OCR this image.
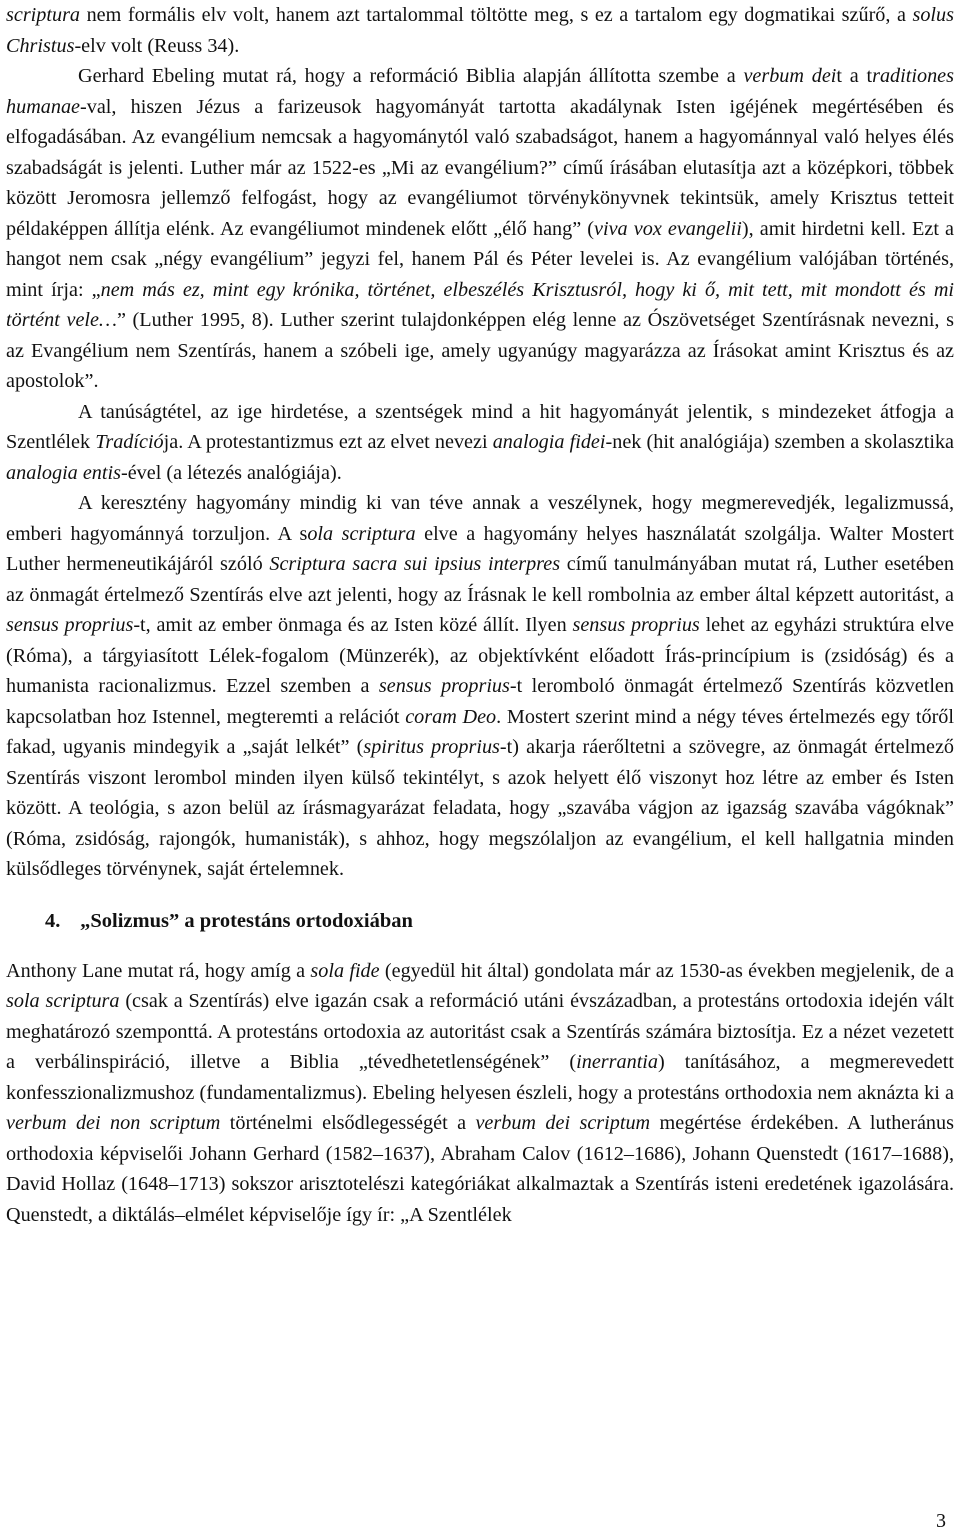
scriptura nem formális elv volt, hanem azt tartalommal töltötte meg, s ez a tartalom egy dogmatikai szűrő, a solus Christus-elv volt (Reuss 34).

Gerhard Ebeling mutat rá, hogy a reformáció Biblia alapján állította szembe a verbum deit a traditiones humanae-val, hiszen Jézus a farizeusok hagyományát tartotta akadálynak Isten igéjének megértésében és elfogadásában. Az evangélium nemcsak a hagyománytól való szabadságot, hanem a hagyománnyal való helyes élés szabadságát is jelenti. Luther már az 1522-es „Mi az evangélium?” című írásában elutasítja azt a középkori, többek között Jeromosra jellemző felfogást, hogy az evangéliumot törvénykönyvnek tekintsük, amely Krisztus tetteit példaképpen állítja elénk. Az evangéliumot mindenek előtt „élő hang” (viva vox evangelii), amit hirdetni kell. Ezt a hangot nem csak „négy evangélium” jegyzi fel, hanem Pál és Péter levelei is. Az evangélium valójában történés, mint írja: „nem más ez, mint egy krónika, történet, elbeszélés Krisztusról, hogy ki ő, mit tett, mit mondott és mi történt vele…” (Luther 1995, 8). Luther szerint tulajdonképpen elég lenne az Ószövetséget Szentírásnak nevezni, s az Evangélium nem Szentírás, hanem a szóbeli ige, amely ugyanúgy magyarázza az Írásokat amint Krisztus és az apostolok”.

A tanúságtétel, az ige hirdetése, a szentségek mind a hit hagyományát jelentik, s mindezeket átfogja a Szentlélek Tradíciója. A protestantizmus ezt az elvet nevezi analogia fidei-nek (hit analógiája) szemben a skolasztika analogia entis-ével (a létezés analógiája).

A keresztény hagyomány mindig ki van téve annak a veszélynek, hogy megmerevedjék, legalizmussá, emberi hagyománnyá torzuljon. A sola scriptura elve a hagyomány helyes használatát szolgálja. Walter Mostert Luther hermeneutikájáról szóló Scriptura sacra sui ipsius interpres című tanulmányában mutat rá, Luther esetében az önmagát értelmező Szentírás elve azt jelenti, hogy az Írásnak le kell rombolnia az ember által képzett autoritást, a sensus proprius-t, amit az ember önmaga és az Isten közé állít. Ilyen sensus proprius lehet az egyházi struktúra elve (Róma), a tárgyiasított Lélek-fogalom (Münzerék), az objektívként előadott Írás-princípium is (zsidóság) és a humanista racionalizmus. Ezzel szemben a sensus proprius-t leromboló önmagát értelmező Szentírás közvetlen kapcsolatban hoz Istennel, megteremti a relációt coram Deo. Mostert szerint mind a négy téves értelmezés egy tőről fakad, ugyanis mindegyik a „saját lelkét” (spiritus proprius-t) akarja ráerőltetni a szövegre, az önmagát értelmező Szentírás viszont lerombol minden ilyen külső tekintélyt, s azok helyett élő viszonyt hoz létre az ember és Isten között. A teológia, s azon belül az írásmagyarázat feladata, hogy „szavába vágjon az igazság szavába vágóknak” (Róma, zsidóság, rajongók, humanisták), s ahhoz, hogy megszólaljon az evangélium, el kell hallgatnia minden külsődleges törvénynek, saját értelemnek.

4. „Solizmus” a protestáns ortodoxiában

Anthony Lane mutat rá, hogy amíg a sola fide (egyedül hit által) gondolata már az 1530-as években megjelenik, de a sola scriptura (csak a Szentírás) elve igazán csak a reformáció utáni évszázadban, a protestáns ortodoxia idején vált meghatározó szemponttá. A protestáns ortodoxia az autoritást csak a Szentírás számára biztosítja. Ez a nézet vezetett a verbálinspiráció, illetve a Biblia „tévedhetetlenségének” (inerrantia) tanításához, a megmerevedett konfesszionalizmushoz (fundamentalizmus). Ebeling helyesen észleli, hogy a protestáns orthodoxia nem aknázta ki a verbum dei non scriptum történelmi elsődlegességét a verbum dei scriptum megértése érdekében. A lutheránus orthodoxia képviselői Johann Gerhard (1582–1637), Abraham Calov (1612–1686), Johann Quenstedt (1617–1688), David Hollaz (1648–1713) sokszor arisztotelészi kategóriákat alkalmaztak a Szentírás isteni eredetének igazolására. Quenstedt, a diktálás–elmélet képviselője így ír: „A Szentlélek

3
